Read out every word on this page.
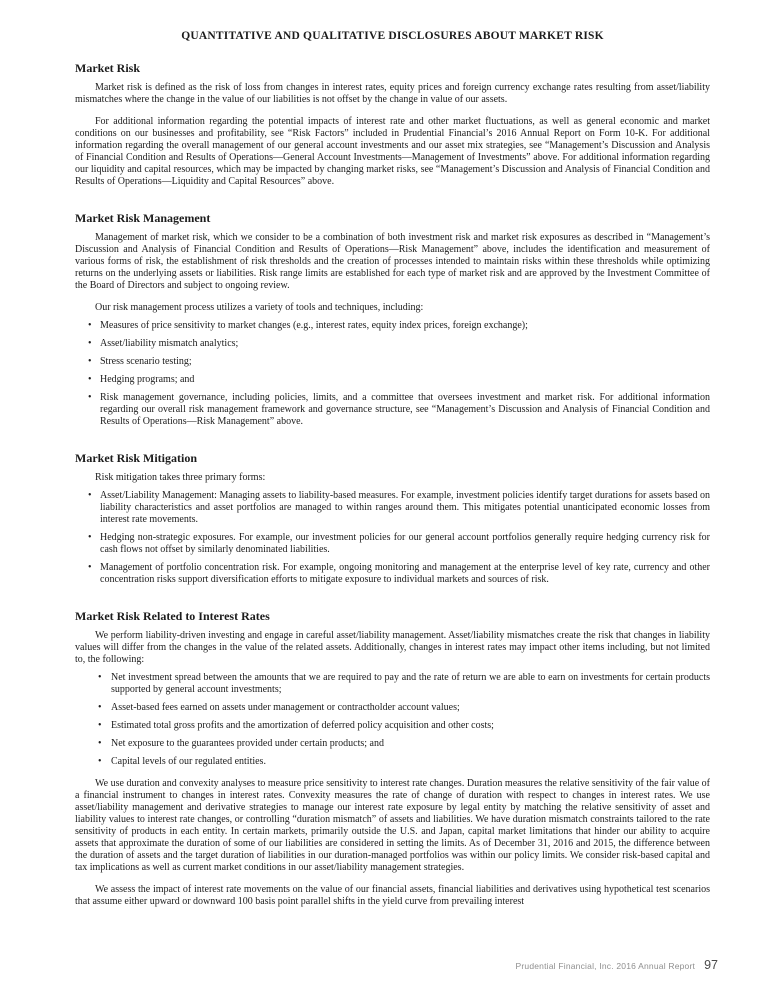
QUANTITATIVE AND QUALITATIVE DISCLOSURES ABOUT MARKET RISK
Market Risk

Market risk is defined as the risk of loss from changes in interest rates, equity prices and foreign currency exchange rates resulting from asset/liability mismatches where the change in the value of our liabilities is not offset by the change in value of our assets.

For additional information regarding the potential impacts of interest rate and other market fluctuations, as well as general economic and market conditions on our businesses and profitability, see “Risk Factors” included in Prudential Financial’s 2016 Annual Report on Form 10-K. For additional information regarding the overall management of our general account investments and our asset mix strategies, see “Management’s Discussion and Analysis of Financial Condition and Results of Operations—General Account Investments—Management of Investments” above. For additional information regarding our liquidity and capital resources, which may be impacted by changing market risks, see “Management’s Discussion and Analysis of Financial Condition and Results of Operations—Liquidity and Capital Resources” above.

Market Risk Management

Management of market risk, which we consider to be a combination of both investment risk and market risk exposures as described in “Management’s Discussion and Analysis of Financial Condition and Results of Operations—Risk Management” above, includes the identification and measurement of various forms of risk, the establishment of risk thresholds and the creation of processes intended to maintain risks within these thresholds while optimizing returns on the underlying assets or liabilities. Risk range limits are established for each type of market risk and are approved by the Investment Committee of the Board of Directors and subject to ongoing review.

Our risk management process utilizes a variety of tools and techniques, including:

•
Measures of price sensitivity to market changes (e.g., interest rates, equity index prices, foreign exchange);
•
Asset/liability mismatch analytics;
•
Stress scenario testing;
•
Hedging programs; and
•
Risk management governance, including policies, limits, and a committee that oversees investment and market risk. For additional information regarding our overall risk management framework and governance structure, see “Management’s Discussion and Analysis of Financial Condition and Results of Operations—Risk Management” above.
Market Risk Mitigation

Risk mitigation takes three primary forms:

•
Asset/Liability Management: Managing assets to liability-based measures. For example, investment policies identify target durations for assets based on liability characteristics and asset portfolios are managed to within ranges around them. This mitigates potential unanticipated economic losses from interest rate movements.
•
Hedging non-strategic exposures. For example, our investment policies for our general account portfolios generally require hedging currency risk for cash flows not offset by similarly denominated liabilities.
•
Management of portfolio concentration risk. For example, ongoing monitoring and management at the enterprise level of key rate, currency and other concentration risks support diversification efforts to mitigate exposure to individual markets and sources of risk.
Market Risk Related to Interest Rates

We perform liability-driven investing and engage in careful asset/liability management. Asset/liability mismatches create the risk that changes in liability values will differ from the changes in the value of the related assets. Additionally, changes in interest rates may impact other items including, but not limited to, the following:

•
Net investment spread between the amounts that we are required to pay and the rate of return we are able to earn on investments for certain products supported by general account investments;
•
Asset-based fees earned on assets under management or contractholder account values;
•
Estimated total gross profits and the amortization of deferred policy acquisition and other costs;
•
Net exposure to the guarantees provided under certain products; and
•
Capital levels of our regulated entities.

We use duration and convexity analyses to measure price sensitivity to interest rate changes. Duration measures the relative sensitivity of the fair value of a financial instrument to changes in interest rates. Convexity measures the rate of change of duration with respect to changes in interest rates. We use asset/liability management and derivative strategies to manage our interest rate exposure by legal entity by matching the relative sensitivity of asset and liability values to interest rate changes, or controlling “duration mismatch” of assets and liabilities. We have duration mismatch constraints tailored to the rate sensitivity of products in each entity. In certain markets, primarily outside the U.S. and Japan, capital market limitations that hinder our ability to acquire assets that approximate the duration of some of our liabilities are considered in setting the limits. As of December 31, 2016 and 2015, the difference between the duration of assets and the target duration of liabilities in our duration-managed portfolios was within our policy limits. We consider risk-based capital and tax implications as well as current market conditions in our asset/liability management strategies.

We assess the impact of interest rate movements on the value of our financial assets, financial liabilities and derivatives using hypothetical test scenarios that assume either upward or downward 100 basis point parallel shifts in the yield curve from prevailing interest

Prudential Financial, Inc. 2016 Annual Report 97
